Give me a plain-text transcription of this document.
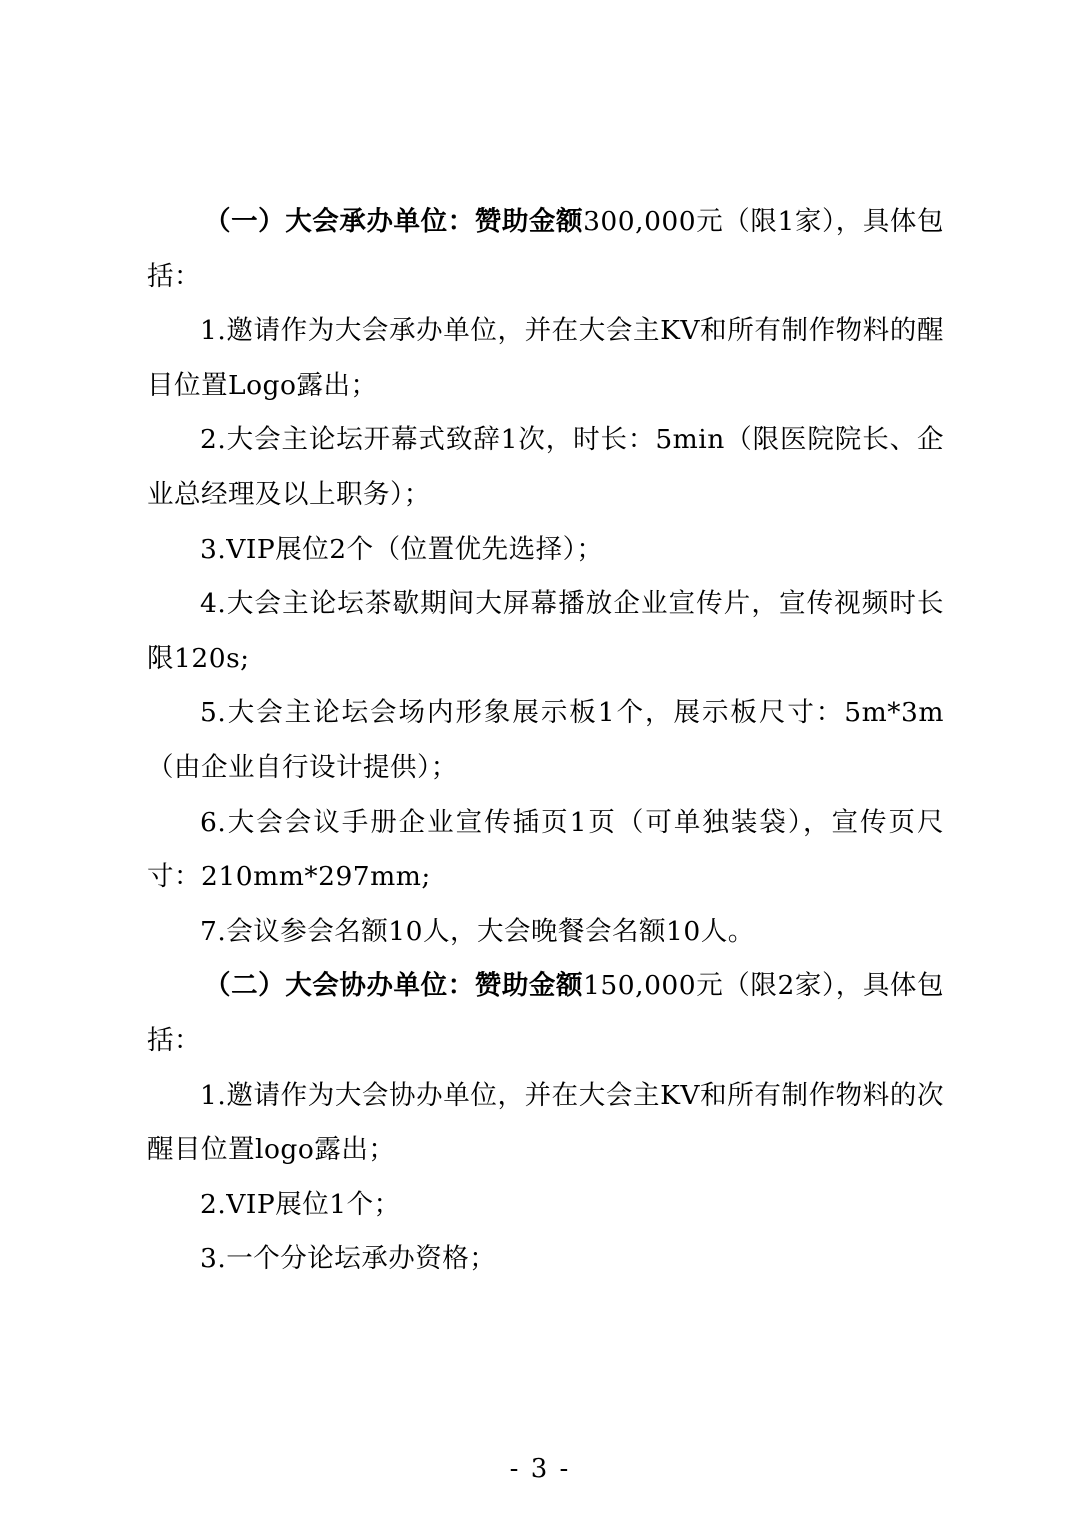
（一）大会承办单位：赞助金额300,000元（限1家），具体包括：

1.邀请作为大会承办单位，并在大会主KV和所有制作物料的醒目位置Logo露出；

2.大会主论坛开幕式致辞1次，时长：5min（限医院院长、企业总经理及以上职务）；

3.VIP展位2个（位置优先选择）；

4.大会主论坛茶歇期间大屏幕播放企业宣传片，宣传视频时长限120s;

5.大会主论坛会场内形象展示板1个，展示板尺寸：5m*3m（由企业自行设计提供）；

6.大会会议手册企业宣传插页1页（可单独装袋），宣传页尺寸：210mm*297mm;

7.会议参会名额10人，大会晚餐会名额10人。

（二）大会协办单位：赞助金额150,000元（限2家），具体包括：

1.邀请作为大会协办单位，并在大会主KV和所有制作物料的次醒目位置logo露出；

2.VIP展位1个；

3.一个分论坛承办资格；

- 3 -
